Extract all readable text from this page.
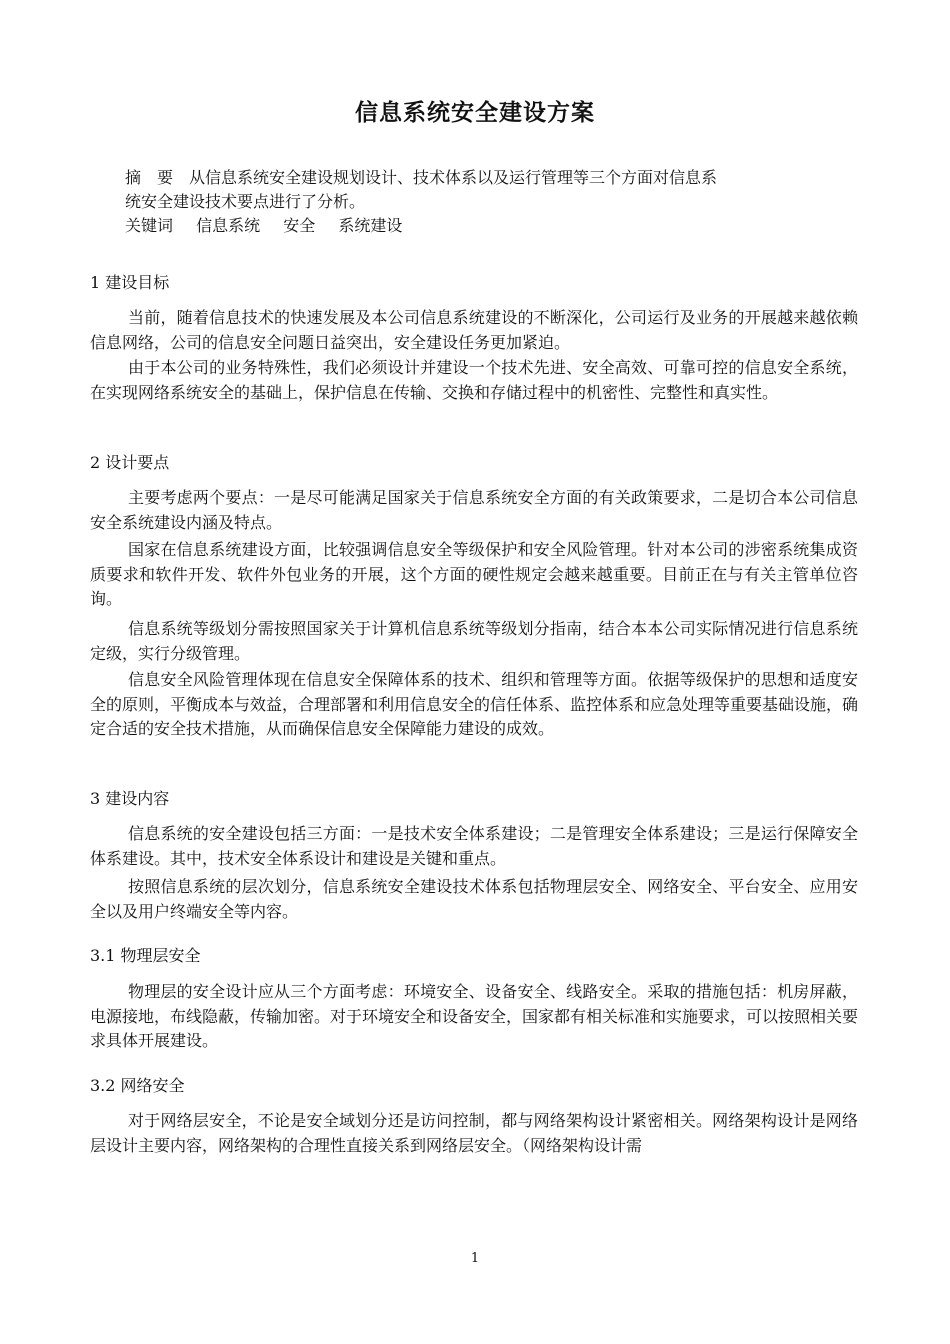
信息系统安全建设方案

摘　要 从信息系统安全建设规划设计、技术体系以及运行管理等三个方面对信息系

统安全建设技术要点进行了分析。

关键词 信息系统 安全 系统建设

1 建设目标

当前，随着信息技术的快速发展及本公司信息系统建设的不断深化，公司运行及业务的开展越来越依赖信息网络，公司的信息安全问题日益突出，安全建设任务更加紧迫。

由于本公司的业务特殊性，我们必须设计并建设一个技术先进、安全高效、可靠可控的信息安全系统，在实现网络系统安全的基础上，保护信息在传输、交换和存储过程中的机密性、完整性和真实性。

2 设计要点

主要考虑两个要点：一是尽可能满足国家关于信息系统安全方面的有关政策要求，二是切合本公司信息安全系统建设内涵及特点。

国家在信息系统建设方面，比较强调信息安全等级保护和安全风险管理。针对本公司的涉密系统集成资质要求和软件开发、软件外包业务的开展，这个方面的硬性规定会越来越重要。目前正在与有关主管单位咨询。

信息系统等级划分需按照国家关于计算机信息系统等级划分指南，结合本本公司实际情况进行信息系统定级，实行分级管理。

信息安全风险管理体现在信息安全保障体系的技术、组织和管理等方面。依据等级保护的思想和适度安全的原则，平衡成本与效益，合理部署和利用信息安全的信任体系、监控体系和应急处理等重要基础设施，确定合适的安全技术措施，从而确保信息安全保障能力建设的成效。

3 建设内容

信息系统的安全建设包括三方面：一是技术安全体系建设；二是管理安全体系建设；三是运行保障安全体系建设。其中，技术安全体系设计和建设是关键和重点。

按照信息系统的层次划分，信息系统安全建设技术体系包括物理层安全、网络安全、平台安全、应用安全以及用户终端安全等内容。

3.1 物理层安全

物理层的安全设计应从三个方面考虑：环境安全、设备安全、线路安全。采取的措施包括：机房屏蔽，电源接地，布线隐蔽，传输加密。对于环境安全和设备安全，国家都有相关标准和实施要求，可以按照相关要求具体开展建设。

3.2 网络安全

对于网络层安全，不论是安全域划分还是访问控制，都与网络架构设计紧密相关。网络架构设计是网络层设计主要内容，网络架构的合理性直接关系到网络层安全。（网络架构设计需

1
